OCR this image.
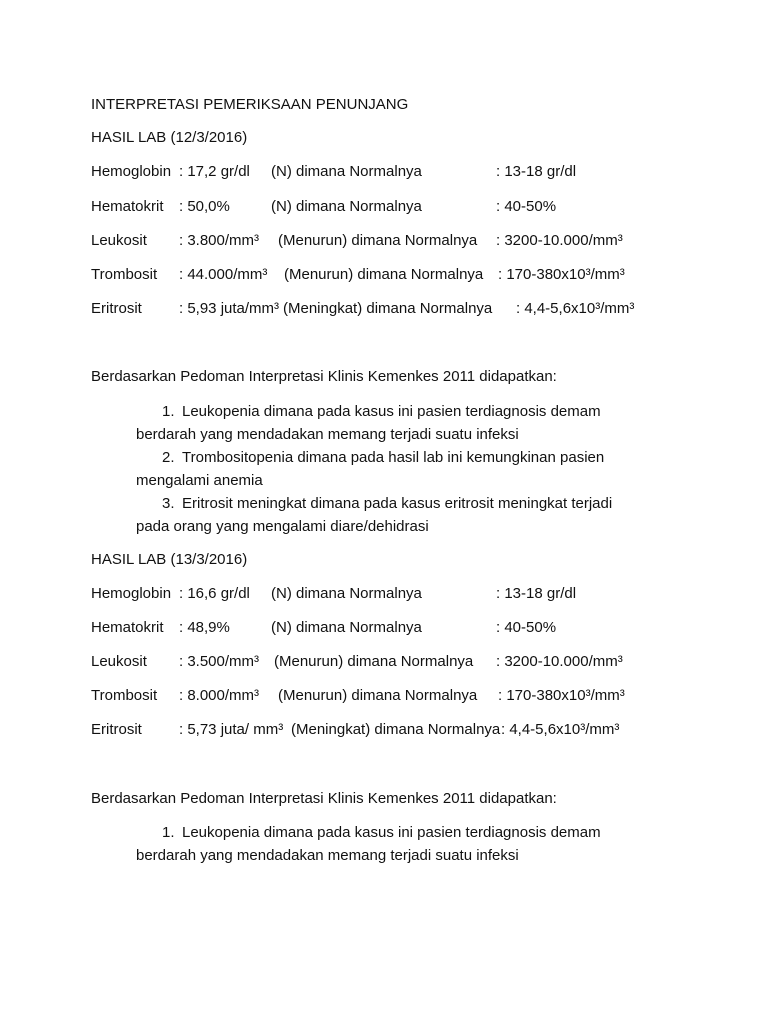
INTERPRETASI PEMERIKSAAN PENUNJANG
HASIL LAB (12/3/2016)
Hemoglobin : 17,2 gr/dl (N) dimana Normalnya	: 13-18 gr/dl
Hematokrit : 50,0%	(N) dimana Normalnya	: 40-50%
Leukosit : 3.800/mm³ (Menurun) dimana Normalnya : 3200-10.000/mm³
Trombosit : 44.000/mm³ (Menurun) dimana Normalnya : 170-380x10³/mm³
Eritrosit : 5,93 juta/mm³ (Meningkat) dimana Normalnya : 4,4-5,6x10³/mm³
Berdasarkan Pedoman Interpretasi Klinis Kemenkes 2011 didapatkan:
1. Leukopenia dimana pada kasus ini pasien terdiagnosis demam
berdarah yang mendadakan memang terjadi suatu infeksi
2. Trombositopenia dimana pada hasil lab ini kemungkinan pasien
mengalami anemia
3. Eritrosit meningkat dimana pada kasus eritrosit meningkat terjadi
pada orang yang mengalami diare/dehidrasi
HASIL LAB (13/3/2016)
Hemoglobin : 16,6 gr/dl (N) dimana Normalnya	: 13-18 gr/dl
Hematokrit : 48,9%	(N) dimana Normalnya	: 40-50%
Leukosit : 3.500/mm³ (Menurun) dimana Normalnya : 3200-10.000/mm³
Trombosit : 8.000/mm³ (Menurun) dimana Normalnya : 170-380x10³/mm³
Eritrosit : 5,73 juta/ mm³ (Meningkat) dimana Normalnya : 4,4-5,6x10³/mm³
Berdasarkan Pedoman Interpretasi Klinis Kemenkes 2011 didapatkan:
1. Leukopenia dimana pada kasus ini pasien terdiagnosis demam
berdarah yang mendadakan memang terjadi suatu infeksi
